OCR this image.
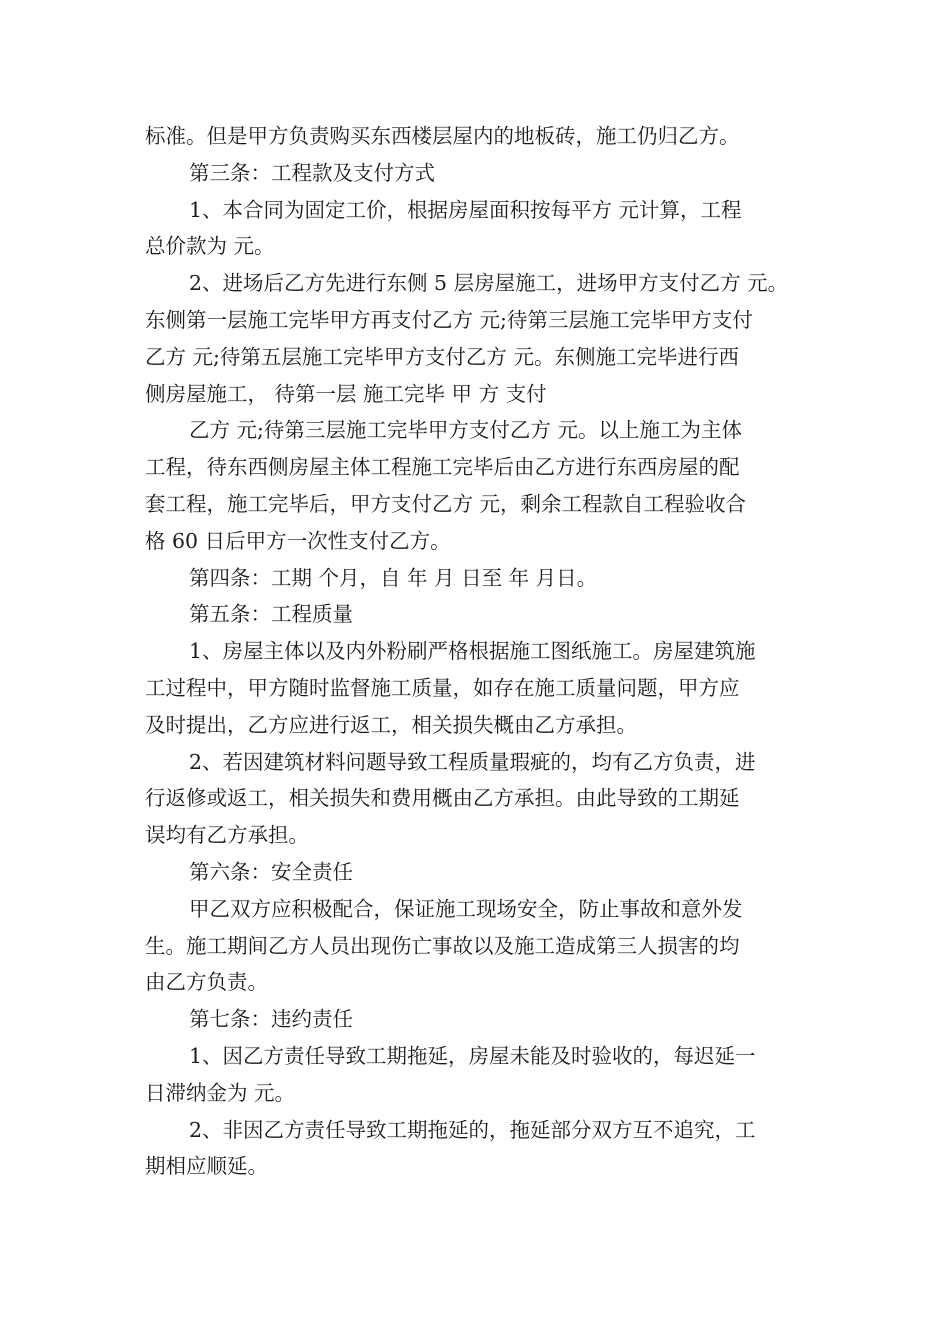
标准。但是甲方负责购买东西楼层屋内的地板砖，施工仍归乙方。
第三条：工程款及支付方式
1、本合同为固定工价，根据房屋面积按每平方 元计算，工程
总价款为 元。
2、进场后乙方先进行东侧 5 层房屋施工，进场甲方支付乙方 元。
东侧第一层施工完毕甲方再支付乙方 元;待第三层施工完毕甲方支付
乙方 元;待第五层施工完毕甲方支付乙方 元。东侧施工完毕进行西
侧房屋施工， 待第一层 施工完毕 甲 方 支付
乙方 元;待第三层施工完毕甲方支付乙方 元。以上施工为主体
工程，待东西侧房屋主体工程施工完毕后由乙方进行东西房屋的配
套工程，施工完毕后，甲方支付乙方 元，剩余工程款自工程验收合
格 60 日后甲方一次性支付乙方。
第四条：工期 个月，自 年 月 日至 年 月日。
第五条：工程质量
1、房屋主体以及内外粉刷严格根据施工图纸施工。房屋建筑施
工过程中，甲方随时监督施工质量，如存在施工质量问题，甲方应
及时提出，乙方应进行返工，相关损失概由乙方承担。
2、若因建筑材料问题导致工程质量瑕疵的，均有乙方负责，进
行返修或返工，相关损失和费用概由乙方承担。由此导致的工期延
误均有乙方承担。
第六条：安全责任
甲乙双方应积极配合，保证施工现场安全，防止事故和意外发
生。施工期间乙方人员出现伤亡事故以及施工造成第三人损害的均
由乙方负责。
第七条：违约责任
1、因乙方责任导致工期拖延，房屋未能及时验收的，每迟延一
日滞纳金为 元。
2、非因乙方责任导致工期拖延的，拖延部分双方互不追究，工
期相应顺延。
